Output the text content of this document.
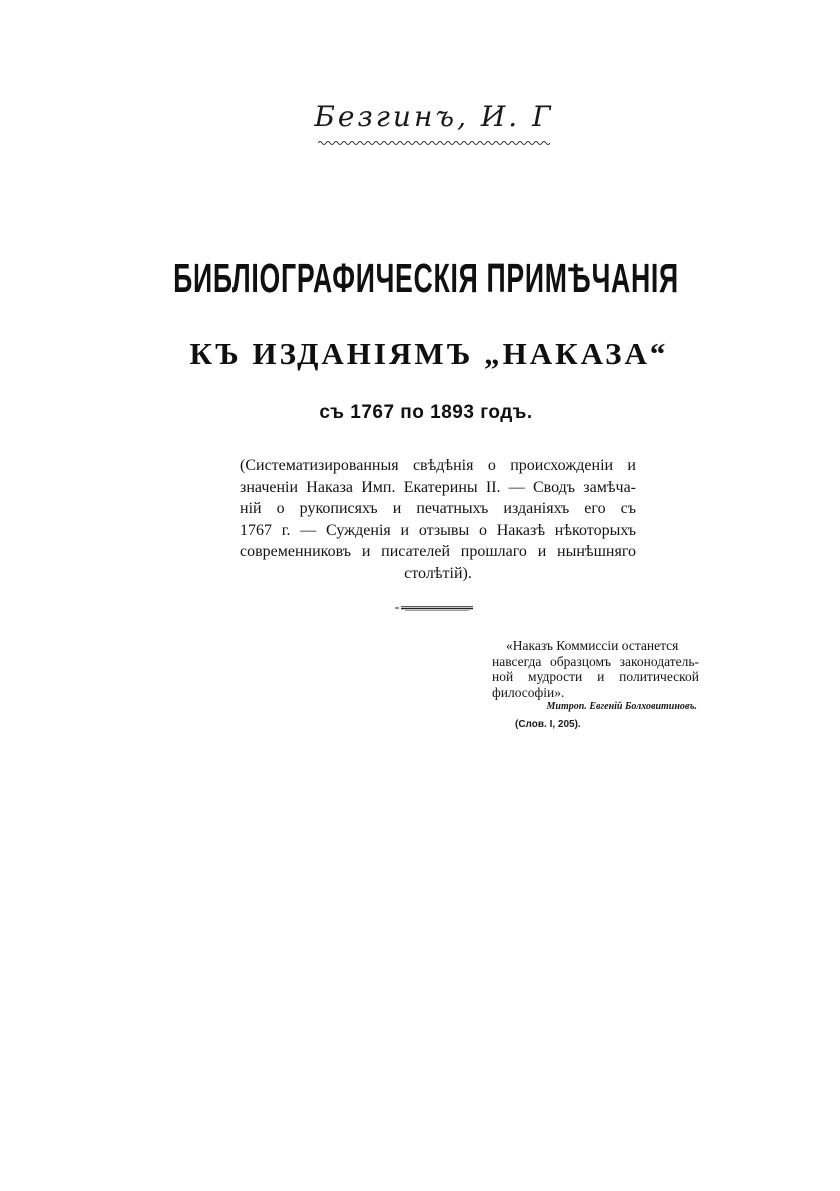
Безгинъ, И. Г
БИБЛІОГРАФИЧЕСКІЯ ПРИМѢЧАНІЯ
КЪ ИЗДАНІЯМЪ „НАКАЗА“
съ 1767 по 1893 годъ.
(Систематизированныя свѣдѣнія о происхожденіи и
значеніи Наказа Имп. Екатерины II. — Сводъ замѣча-
ній о рукописяхъ и печатныхъ изданіяхъ его съ
1767 г. — Сужденія и отзывы о Наказѣ нѣкоторыхъ
современниковъ и писателей прошлаго и нынѣшняго
столѣтій).
«Наказъ Коммиссіи останется
навсегда образцомъ законодатель-
ной мудрости и политической
философіи».
Митроп. Евгеній Болховитиновъ.
(Слов. I, 205).
